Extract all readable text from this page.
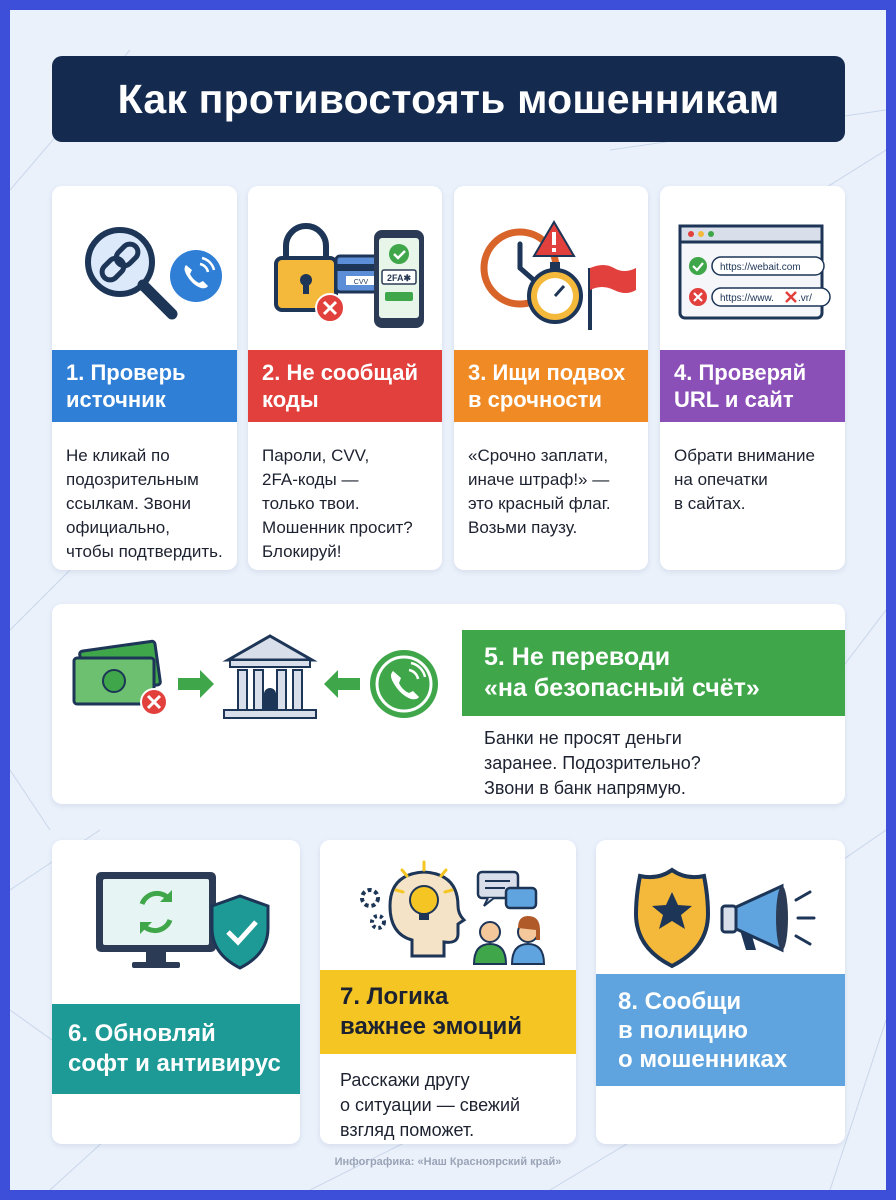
Как противостоять мошенникам
1. Проверь
источник
Не кликай по
подозрительным
ссылкам. Звони
официально,
чтобы подтвердить.
CVV 2FA✱
2. Не сообщай
коды
Пароли, CVV,
2FA-коды —
только твои.
Мошенник просит?
Блокируй!
3. Ищи подвох
в срочности
«Срочно заплати,
иначе штраф!» —
это красный флаг.
Возьми паузу.
https://webait.com
https://www. .vr/
4. Проверяй
URL и сайт
Обрати внимание
на опечатки
в сайтах.
5. Не переводи
«на безопасный счёт»
Банки не просят деньги
заранее. Подозрительно?
Звони в банк напрямую.
6. Обновляй
софт и антивирус
7. Логика
важнее эмоций
Расскажи другу
о ситуации — свежий
взгляд поможет.
8. Сообщи
в полицию
о мошенниках
Инфографика: «Наш Красноярский край»
